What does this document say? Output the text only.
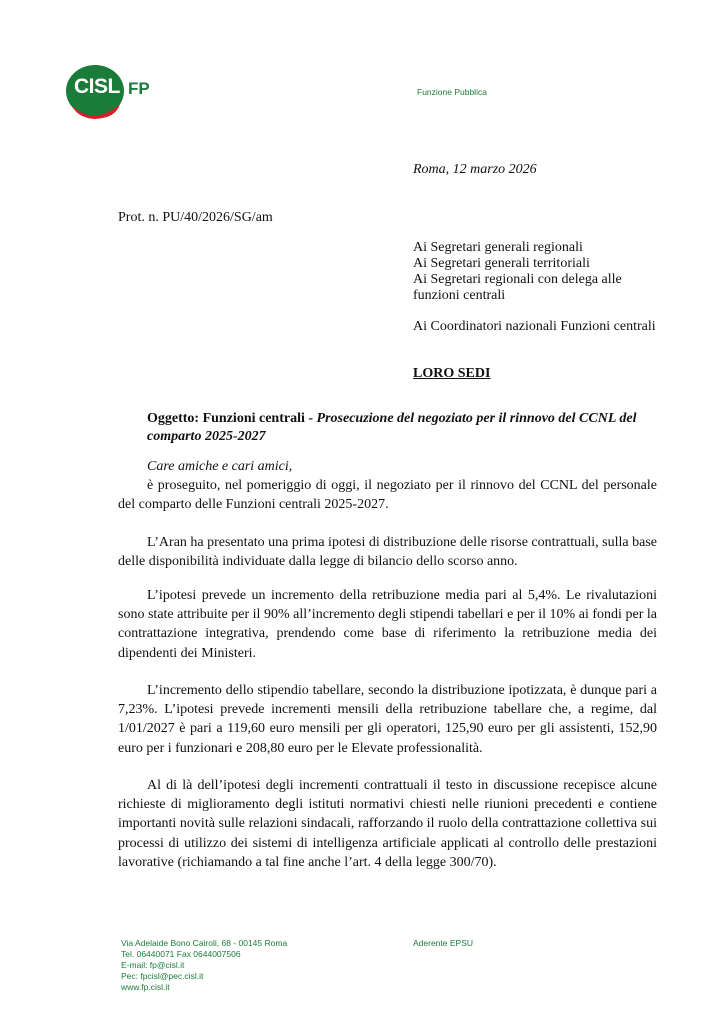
CISL FP	Funzione Pubblica
Roma, 12 marzo 2026
Prot. n. PU/40/2026/SG/am
Ai Segretari generali regionali
Ai Segretari generali territoriali
Ai Segretari regionali con delega alle
funzioni centrali
Ai Coordinatori nazionali Funzioni centrali
LORO SEDI
Oggetto: Funzioni centrali - Prosecuzione del negoziato per il rinnovo del CCNL del comparto 2025-2027
Care amiche e cari amici,
è proseguito, nel pomeriggio di oggi, il negoziato per il rinnovo del CCNL del personale del comparto delle Funzioni centrali 2025-2027.
L’Aran ha presentato una prima ipotesi di distribuzione delle risorse contrattuali, sulla base delle disponibilità individuate dalla legge di bilancio dello scorso anno.
L’ipotesi prevede un incremento della retribuzione media pari al 5,4%. Le rivalutazioni sono state attribuite per il 90% all’incremento degli stipendi tabellari e per il 10% ai fondi per la contrattazione integrativa, prendendo come base di riferimento la retribuzione media dei dipendenti dei Ministeri.
L’incremento dello stipendio tabellare, secondo la distribuzione ipotizzata, è dunque pari a 7,23%. L’ipotesi prevede incrementi mensili della retribuzione tabellare che, a regime, dal 1/01/2027 è pari a 119,60 euro mensili per gli operatori, 125,90 euro per gli assistenti, 152,90 euro per i funzionari e 208,80 euro per le Elevate professionalità.
Al di là dell’ipotesi degli incrementi contrattuali il testo in discussione recepisce alcune richieste di miglioramento degli istituti normativi chiesti nelle riunioni precedenti e contiene importanti novità sulle relazioni sindacali, rafforzando il ruolo della contrattazione collettiva sui processi di utilizzo dei sistemi di intelligenza artificiale applicati al controllo delle prestazioni lavorative (richiamando a tal fine anche l’art. 4 della legge 300/70).
Via Adelaide Bono Cairoli, 68 - 00145 Roma
Tel. 06440071 Fax 0644007506
E-mail: fp@cisl.it
Pec: fpcisl@pec.cisl.it
www.fp.cisl.it
Aderente EPSU
